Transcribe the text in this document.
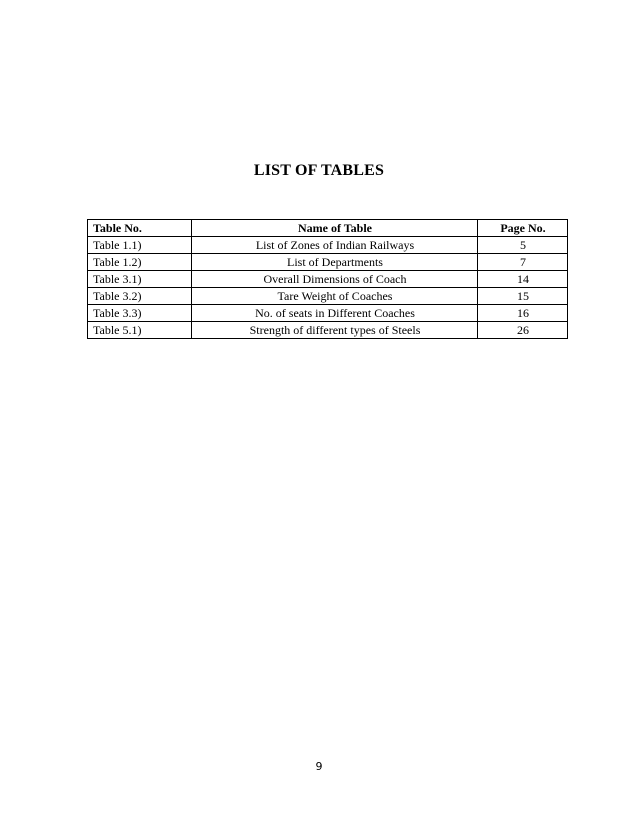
LIST OF TABLES
Table No.	Name of Table	Page No.
Table 1.1)	List of Zones of Indian Railways	5
Table 1.2)	List of Departments	7
Table 3.1)	Overall Dimensions of Coach	14
Table 3.2)	Tare Weight of Coaches	15
Table 3.3)	No. of seats in Different Coaches	16
Table 5.1)	Strength of different types of Steels	26
9
